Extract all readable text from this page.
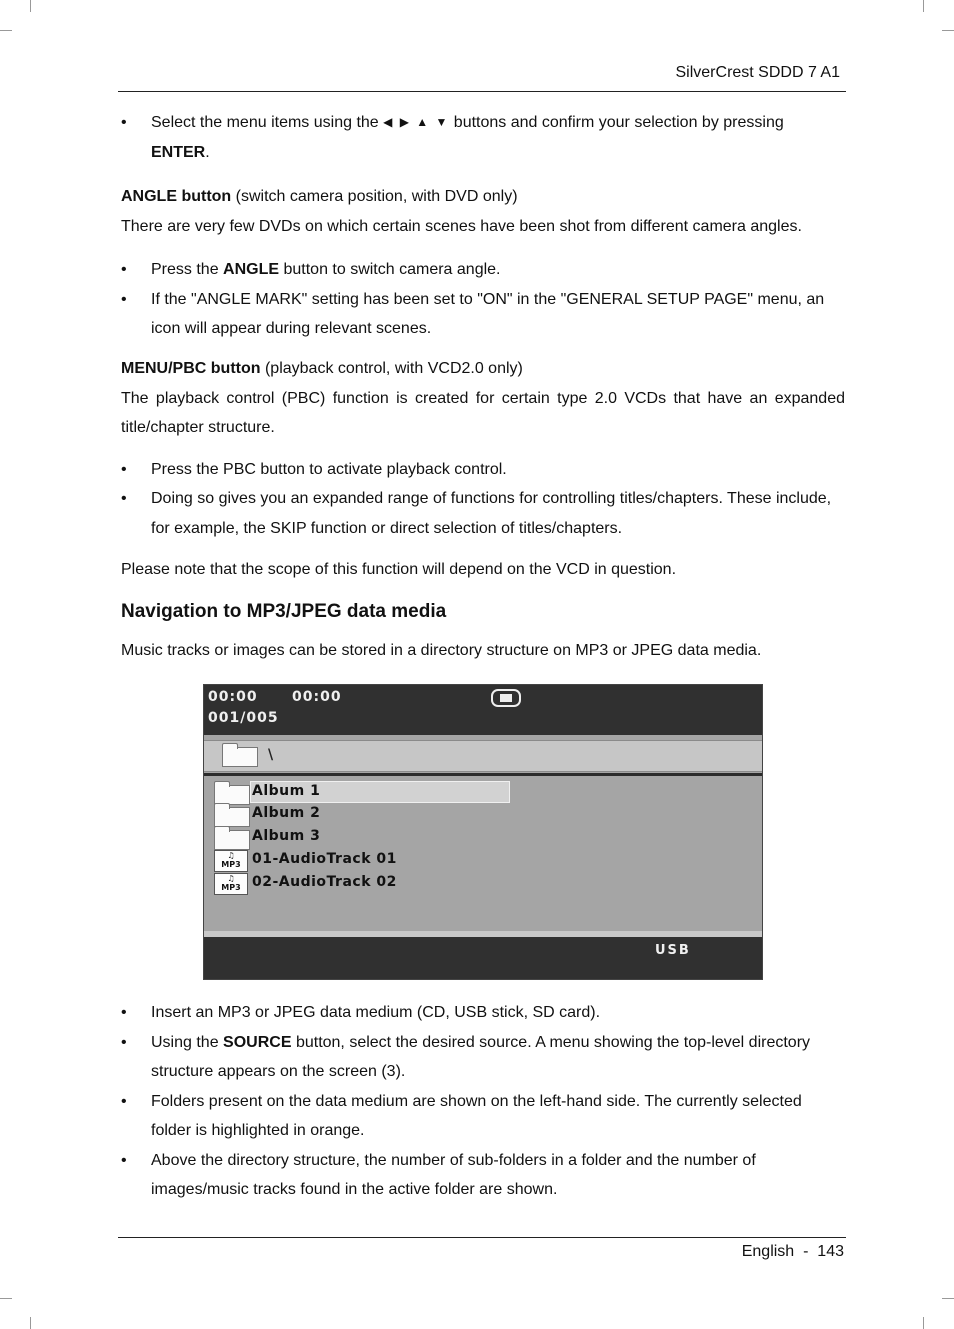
SilverCrest SDDD 7 A1
• Select the menu items using the ◀ ▶ ▲ ▼ buttons and confirm your selection by pressing
ENTER.

ANGLE button (switch camera position, with DVD only)

There are very few DVDs on which certain scenes have been shot from different camera angles.

• Press the ANGLE button to switch camera angle.
• If the "ANGLE MARK" setting has been set to "ON" in the "GENERAL SETUP PAGE" menu, an icon will appear during relevant scenes.

MENU/PBC button (playback control, with VCD2.0 only)

The playback control (PBC) function is created for certain type 2.0 VCDs that have an expanded title/chapter structure.

• Press the PBC button to activate playback control.
• Doing so gives you an expanded range of functions for controlling titles/chapters. These include, for example, the SKIP function or direct selection of titles/chapters.

Please note that the scope of this function will depend on the VCD in question.

Navigation to MP3/JPEG data media

Music tracks or images can be stored in a directory structure on MP3 or JPEG data media.

00:00 00:00
001/005
\
Album 1
Album 2
Album 3
♫
MP3 01-AudioTrack 01
♫
MP3 02-AudioTrack 02
USB
• Insert an MP3 or JPEG data medium (CD, USB stick, SD card).
• Using the SOURCE button, select the desired source. A menu showing the top-level directory structure appears on the screen (3).
• Folders present on the data medium are shown on the left-hand side. The currently selected folder is highlighted in orange.
• Above the directory structure, the number of sub-folders in a folder and the number of images/music tracks found in the active folder are shown.
English  -  143
